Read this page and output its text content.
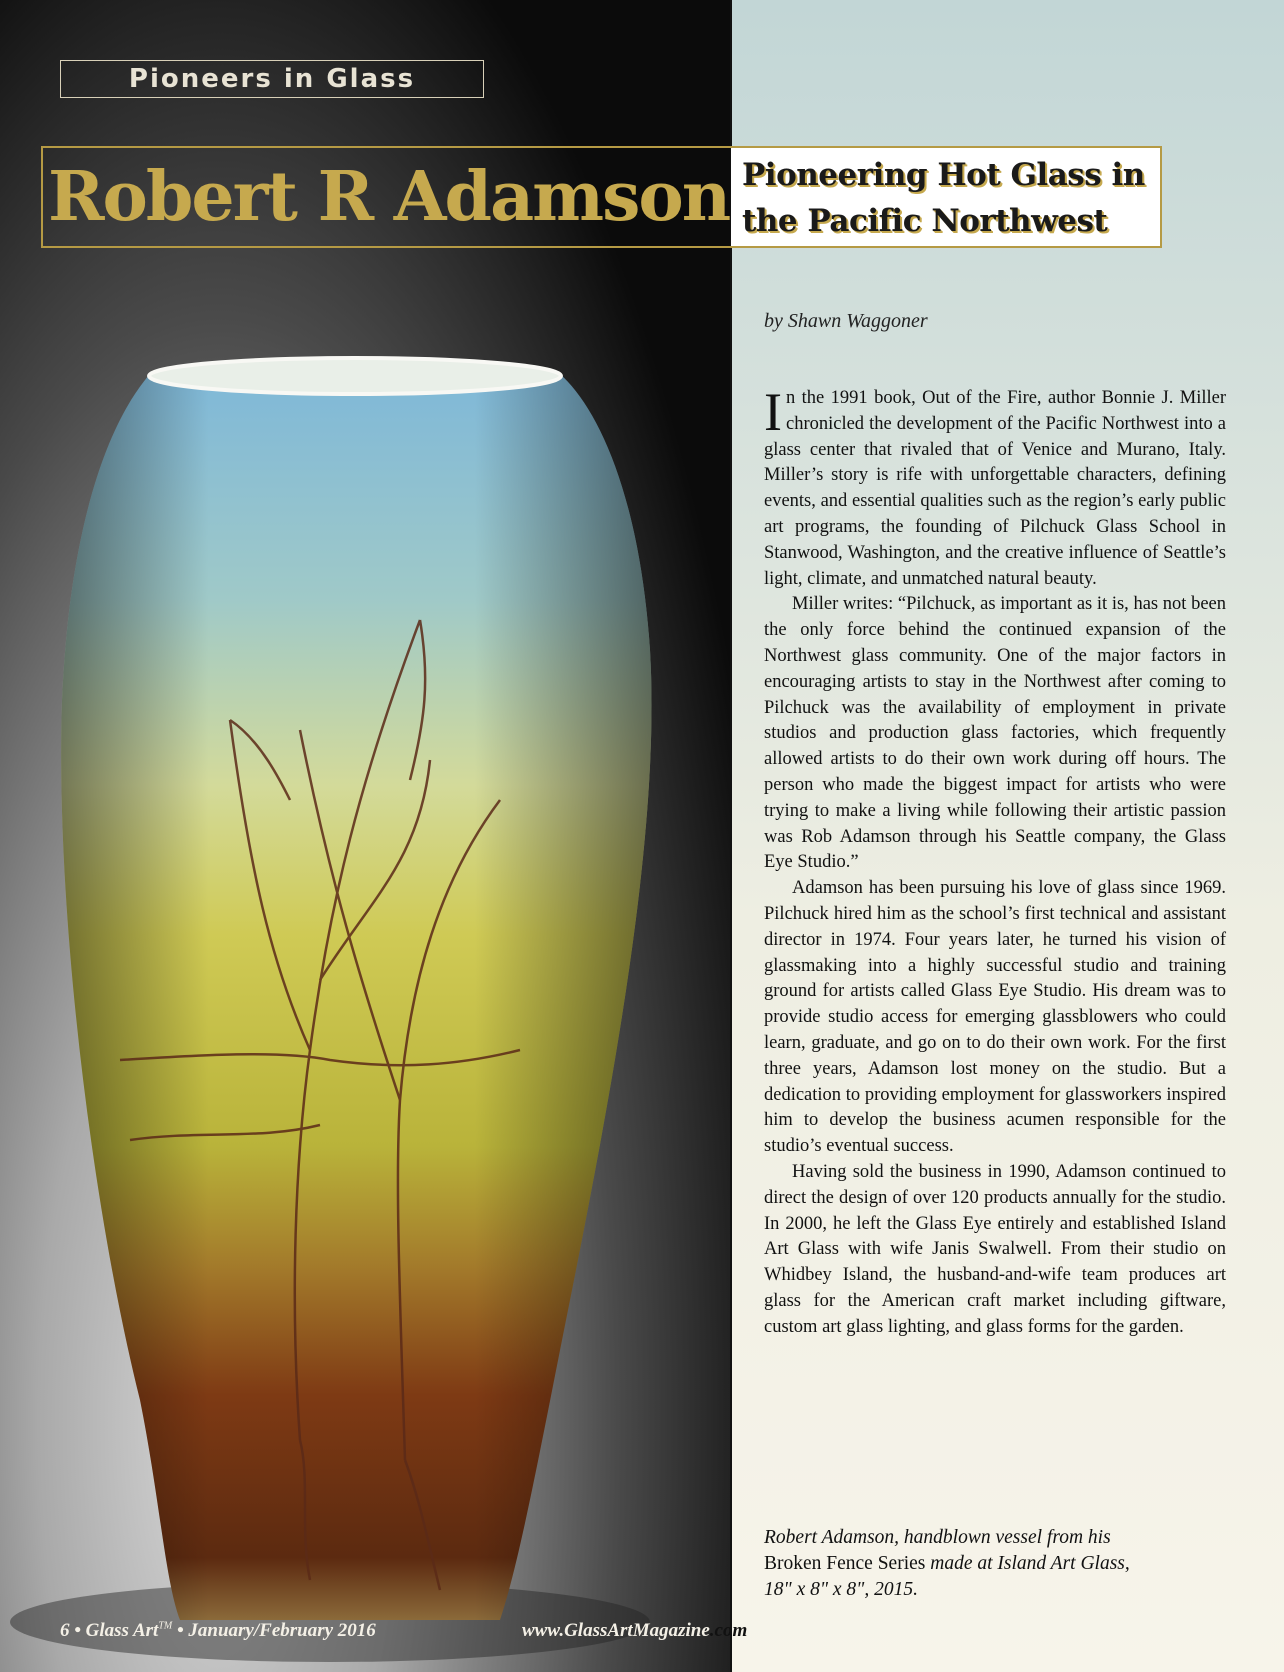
Pioneers in Glass
Robert R Adamson Pioneering Hot Glass in
the Pacific Northwest
by Shawn Waggoner

In the 1991 book, Out of the Fire, author Bonnie J. Miller chronicled the development of the Pacific Northwest into a glass center that rivaled that of Venice and Murano, Italy. Miller’s story is rife with unforgettable characters, defining events, and essential qualities such as the region’s early public art programs, the founding of Pilchuck Glass School in Stanwood, Washington, and the creative influence of Seattle’s light, climate, and unmatched natural beauty.

Miller writes: “Pilchuck, as important as it is, has not been the only force behind the continued expansion of the Northwest glass community. One of the major factors in encouraging artists to stay in the Northwest after coming to Pilchuck was the availability of employment in private studios and production glass factories, which frequently allowed artists to do their own work during off hours. The person who made the biggest impact for artists who were trying to make a living while following their artistic passion was Rob Adamson through his Seattle company, the Glass Eye Studio.”

Adamson has been pursuing his love of glass since 1969. Pilchuck hired him as the school’s first technical and assistant director in 1974. Four years later, he turned his vision of glassmaking into a highly successful studio and training ground for artists called Glass Eye Studio. His dream was to provide studio access for emerging glassblowers who could learn, graduate, and go on to do their own work. For the first three years, Adamson lost money on the studio. But a dedication to providing employment for glassworkers inspired him to develop the business acumen responsible for the studio’s eventual success.

Having sold the business in 1990, Adamson continued to direct the design of over 120 products annually for the studio. In 2000, he left the Glass Eye entirely and established Island Art Glass with wife Janis Swalwell. From their studio on Whidbey Island, the husband-and-wife team produces art glass for the American craft market including giftware, custom art glass lighting, and glass forms for the garden.

Robert Adamson, handblown vessel from his
Broken Fence Series made at Island Art Glass,
18" x 8" x 8", 2015.
6 • Glass Art™ • January/February 2016	www.GlassArtMagazine.com
